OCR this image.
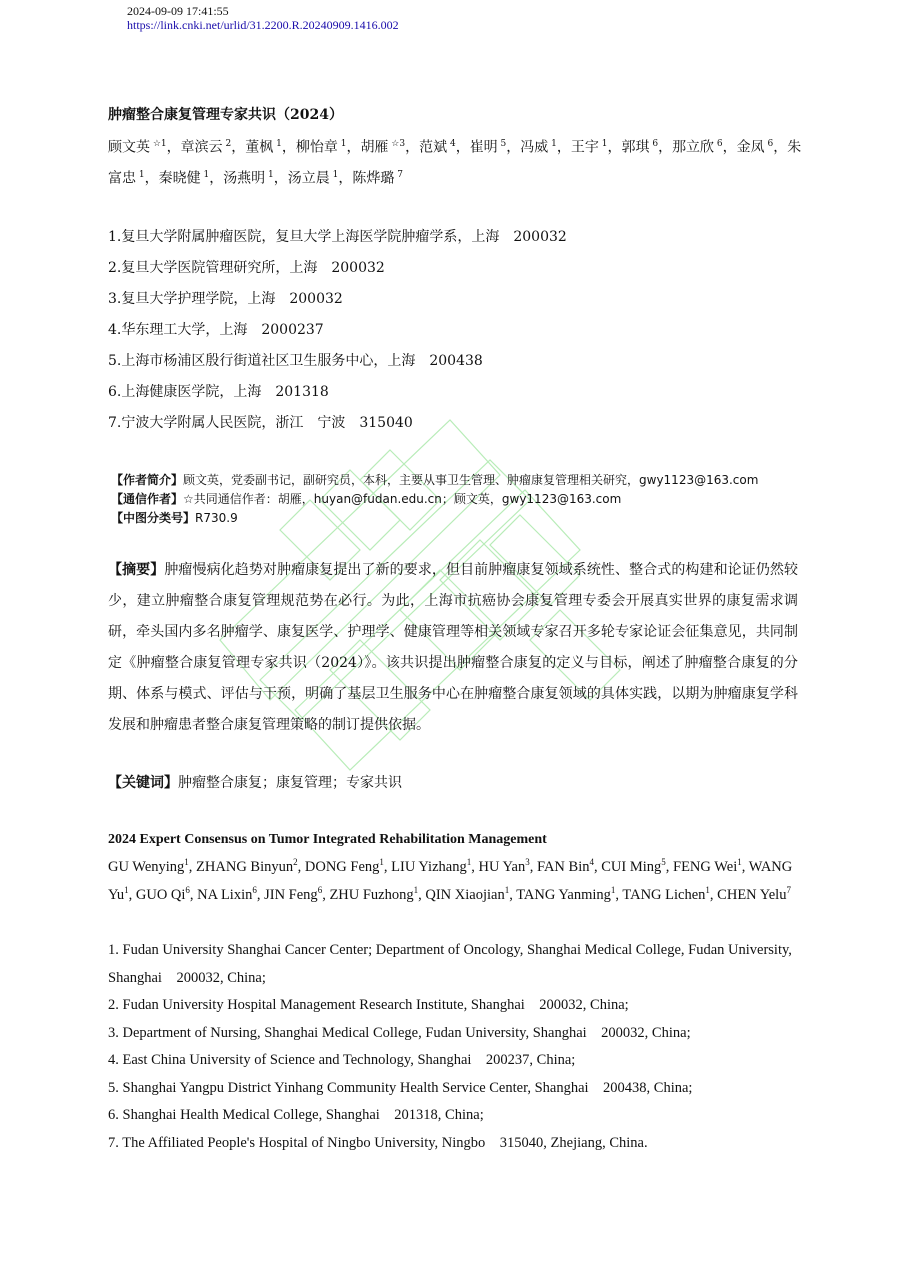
2024-09-09 17:41:55
https://link.cnki.net/urlid/31.2200.R.20240909.1416.002
肿瘤整合康复管理专家共识（2024）
顾文英 $^{☆1}$，章滨云 $^2$，董枫 $^1$，柳怡章 $^1$，胡雁 $^{☆3}$，范斌 $^4$，崔明 $^5$，冯威 $^1$，王宇 $^1$，郭琪 $^6$，那立欣 $^6$，金凤 $^6$，朱富忠 $^1$，秦晓健 $^1$，汤燕明 $^1$，汤立晨 $^1$，陈烨璐 $^7$
1.复旦大学附属肿瘤医院，复旦大学上海医学院肿瘤学系，上海　200032
2.复旦大学医院管理研究所，上海　200032
3.复旦大学护理学院，上海　200032
4.华东理工大学，上海　2000237
5.上海市杨浦区殷行街道社区卫生服务中心，上海　200438
6.上海健康医学院，上海　201318
7.宁波大学附属人民医院，浙江　宁波　315040
【作者简介】顾文英，党委副书记，副研究员，本科，主要从事卫生管理、肿瘤康复管理相关研究，gwy1123@163.com
【通信作者】☆共同通信作者：胡雁，huyan@fudan.edu.cn；顾文英，gwy1123@163.com
【中图分类号】R730.9
【摘要】肿瘤慢病化趋势对肿瘤康复提出了新的要求，但目前肿瘤康复领域系统性、整合式的构建和论证仍然较少，建立肿瘤整合康复管理规范势在必行。为此，上海市抗癌协会康复管理专委会开展真实世界的康复需求调研，牵头国内多名肿瘤学、康复医学、护理学、健康管理等相关领域专家召开多轮专家论证会征集意见，共同制定《肿瘤整合康复管理专家共识（2024）》。该共识提出肿瘤整合康复的定义与目标，阐述了肿瘤整合康复的分期、体系与模式、评估与干预，明确了基层卫生服务中心在肿瘤整合康复领域的具体实践，以期为肿瘤康复学科发展和肿瘤患者整合康复管理策略的制订提供依据。
【关键词】肿瘤整合康复；康复管理；专家共识
2024 Expert Consensus on Tumor Integrated Rehabilitation Management
GU Wenying$^1$, ZHANG Binyun$^2$, DONG Feng$^1$, LIU Yizhang$^1$, HU Yan$^3$, FAN Bin$^4$, CUI Ming$^5$, FENG Wei$^1$, WANG Yu$^1$, GUO Qi$^6$, NA Lixin$^6$, JIN Feng$^6$, ZHU Fuzhong$^1$, QIN Xiaojian$^1$, TANG Yanming$^1$, TANG Lichen$^1$, CHEN Yelu$^7$
1. Fudan University Shanghai Cancer Center; Department of Oncology, Shanghai Medical College, Fudan University, Shanghai　200032, China;
2. Fudan University Hospital Management Research Institute, Shanghai　200032, China;
3. Department of Nursing, Shanghai Medical College, Fudan University, Shanghai　200032, China;
4. East China University of Science and Technology, Shanghai　200237, China;
5. Shanghai Yangpu District Yinhang Community Health Service Center, Shanghai　200438, China;
6. Shanghai Health Medical College, Shanghai　201318, China;
7. The Affiliated People's Hospital of Ningbo University, Ningbo　315040, Zhejiang, China.
